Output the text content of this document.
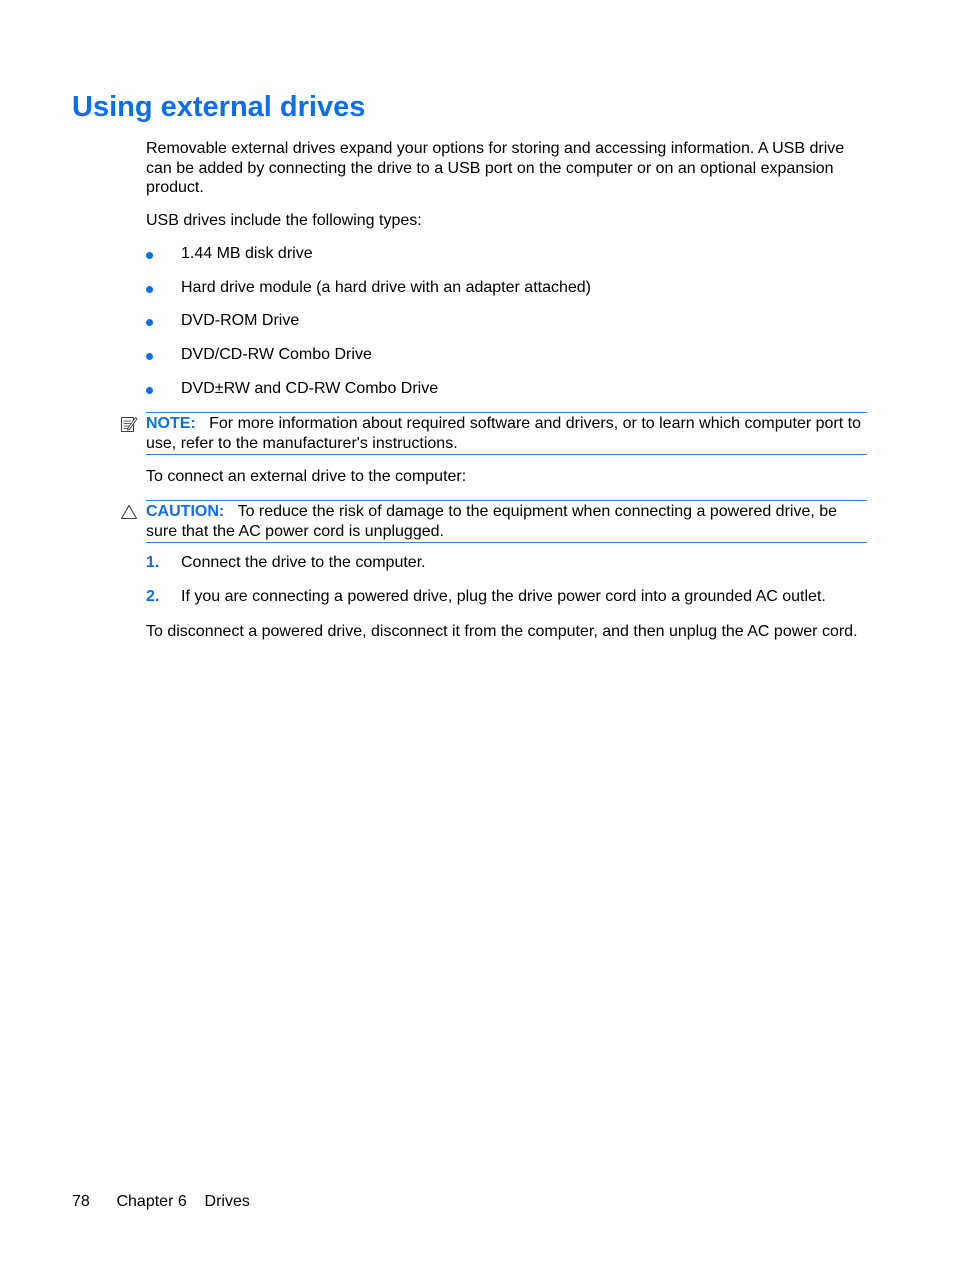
Using external drives

Removable external drives expand your options for storing and accessing information. A USB drive can be added by connecting the drive to a USB port on the computer or on an optional expansion product.

USB drives include the following types:

1.44 MB disk drive
Hard drive module (a hard drive with an adapter attached)
DVD-ROM Drive
DVD/CD-RW Combo Drive
DVD±RW and CD-RW Combo Drive
NOTE: For more information about required software and drivers, or to learn which computer port to use, refer to the manufacturer's instructions.

To connect an external drive to the computer:

CAUTION: To reduce the risk of damage to the equipment when connecting a powered drive, be sure that the AC power cord is unplugged.
1. Connect the drive to the computer.
2. If you are connecting a powered drive, plug the drive power cord into a grounded AC outlet.

To disconnect a powered drive, disconnect it from the computer, and then unplug the AC power cord.

78 Chapter 6 Drives
